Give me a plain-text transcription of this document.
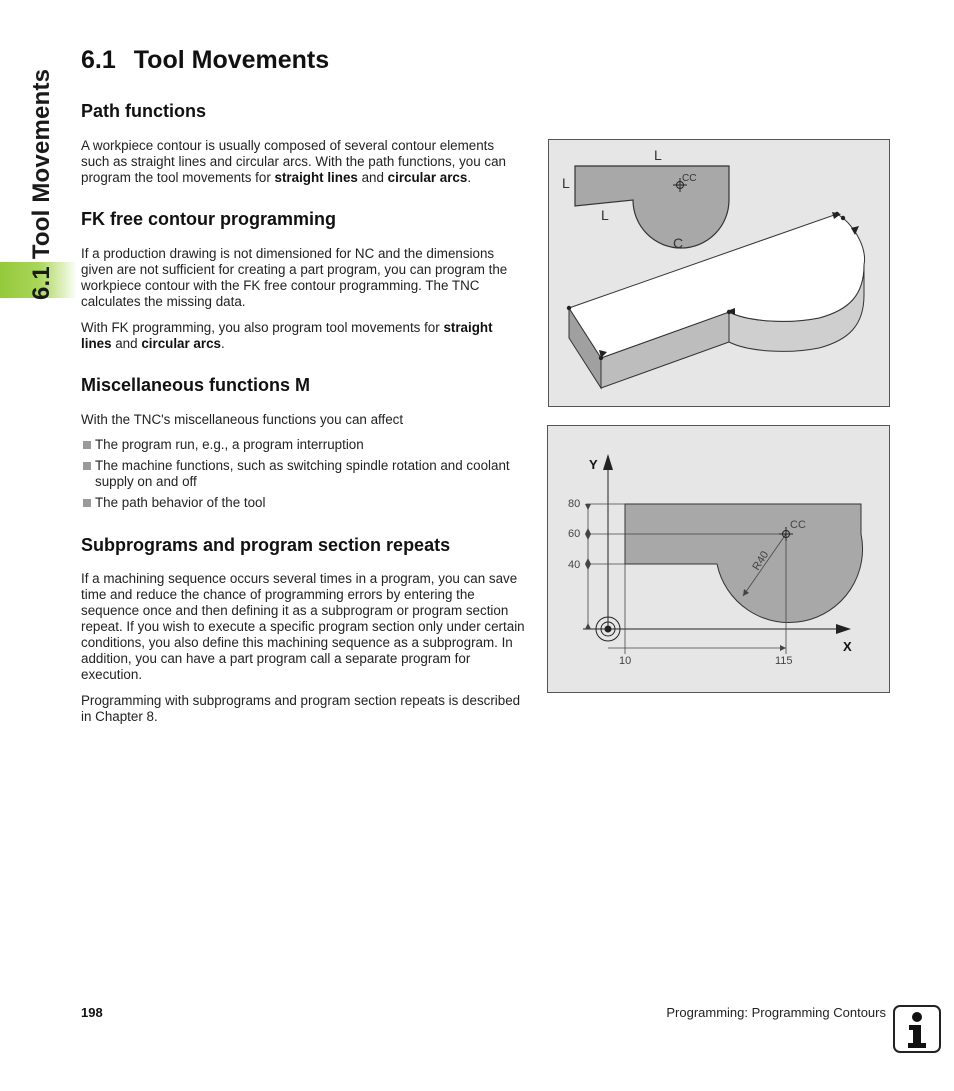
6.1 Tool Movements
6.1 Tool Movements
Path functions

A workpiece contour is usually composed of several contour elements such as straight lines and circular arcs. With the path functions, you can program the tool movements for straight lines and circular arcs.

FK free contour programming

If a production drawing is not dimensioned for NC and the dimensions given are not sufficient for creating a part program, you can program the workpiece contour with the FK free contour programming. The TNC calculates the missing data.

With FK programming, you also program tool movements for straight lines and circular arcs.

Miscellaneous functions M

With the TNC's miscellaneous functions you can affect

The program run, e.g., a program interruption
The machine functions, such as switching spindle rotation and coolant supply on and off
The path behavior of the tool
Subprograms and program section repeats

If a machining sequence occurs several times in a program, you can save time and reduce the chance of programming errors by entering the sequence once and then defining it as a subprogram or program section repeat. If you wish to execute a specific program section only under certain conditions, you also define this machining sequence as a subprogram. In addition, you can have a part program call a separate program for execution.

Programming with subprograms and program section repeats is described in Chapter 8.

L
L
L
C
CC
Y
X
CC
R40
80
60
40
10	115
198	Programming: Programming Contours
